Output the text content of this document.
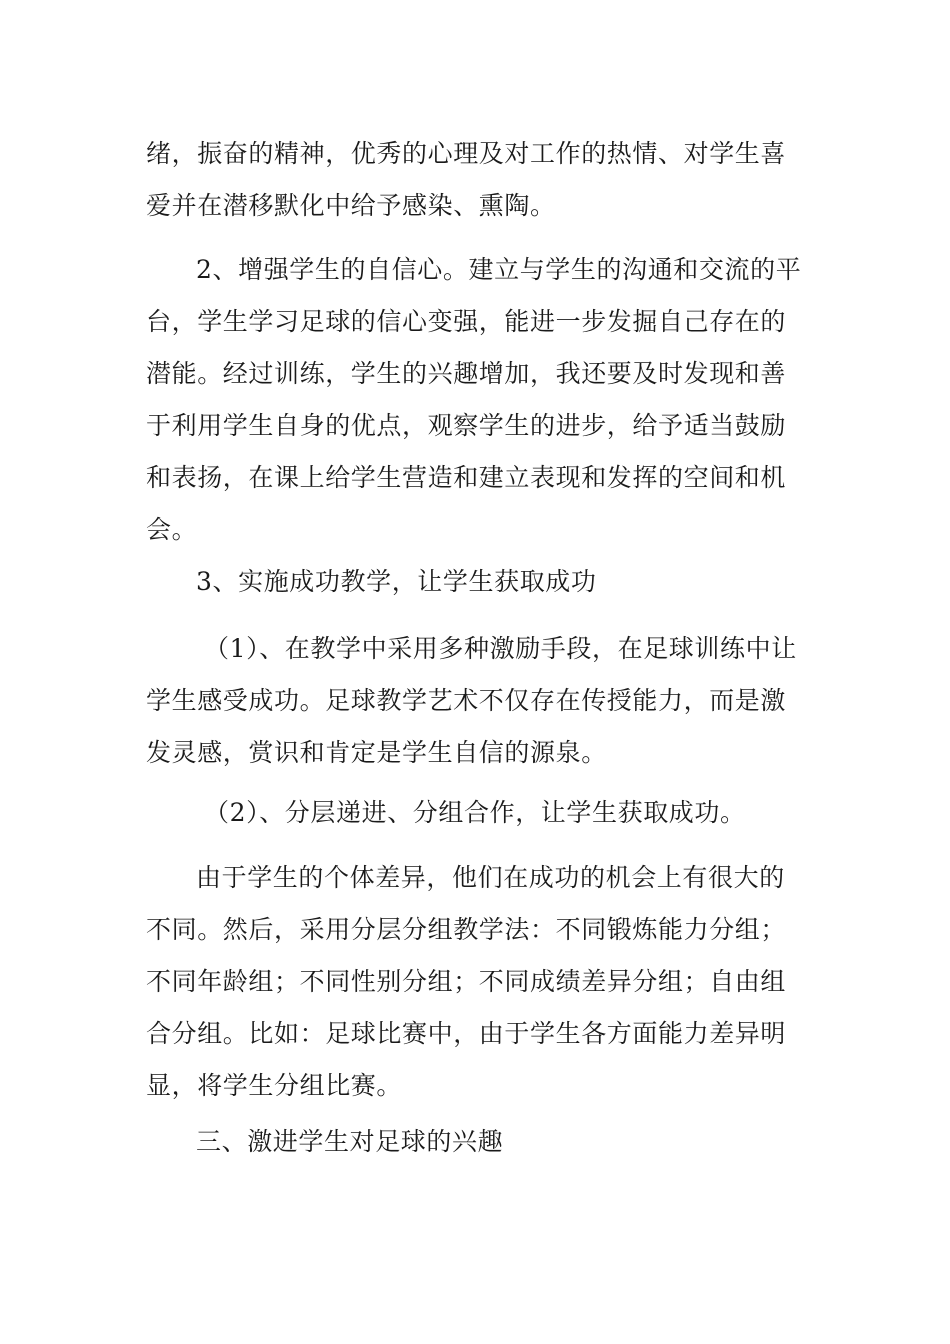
绪，振奋的精神，优秀的心理及对工作的热情、对学生喜
爱并在潜移默化中给予感染、熏陶。

2、增强学生的自信心。建立与学生的沟通和交流的平
台，学生学习足球的信心变强，能进一步发掘自己存在的
潜能。经过训练，学生的兴趣增加，我还要及时发现和善
于利用学生自身的优点，观察学生的进步，给予适当鼓励
和表扬，在课上给学生营造和建立表现和发挥的空间和机
会。

3、实施成功教学，让学生获取成功

（1）、在教学中采用多种激励手段，在足球训练中让
学生感受成功。足球教学艺术不仅存在传授能力，而是激
发灵感，赏识和肯定是学生自信的源泉。

（2）、分层递进、分组合作，让学生获取成功。

由于学生的个体差异，他们在成功的机会上有很大的
不同。然后，采用分层分组教学法：不同锻炼能力分组；
不同年龄组；不同性别分组；不同成绩差异分组；自由组
合分组。比如：足球比赛中，由于学生各方面能力差异明
显，将学生分组比赛。

三、激进学生对足球的兴趣
